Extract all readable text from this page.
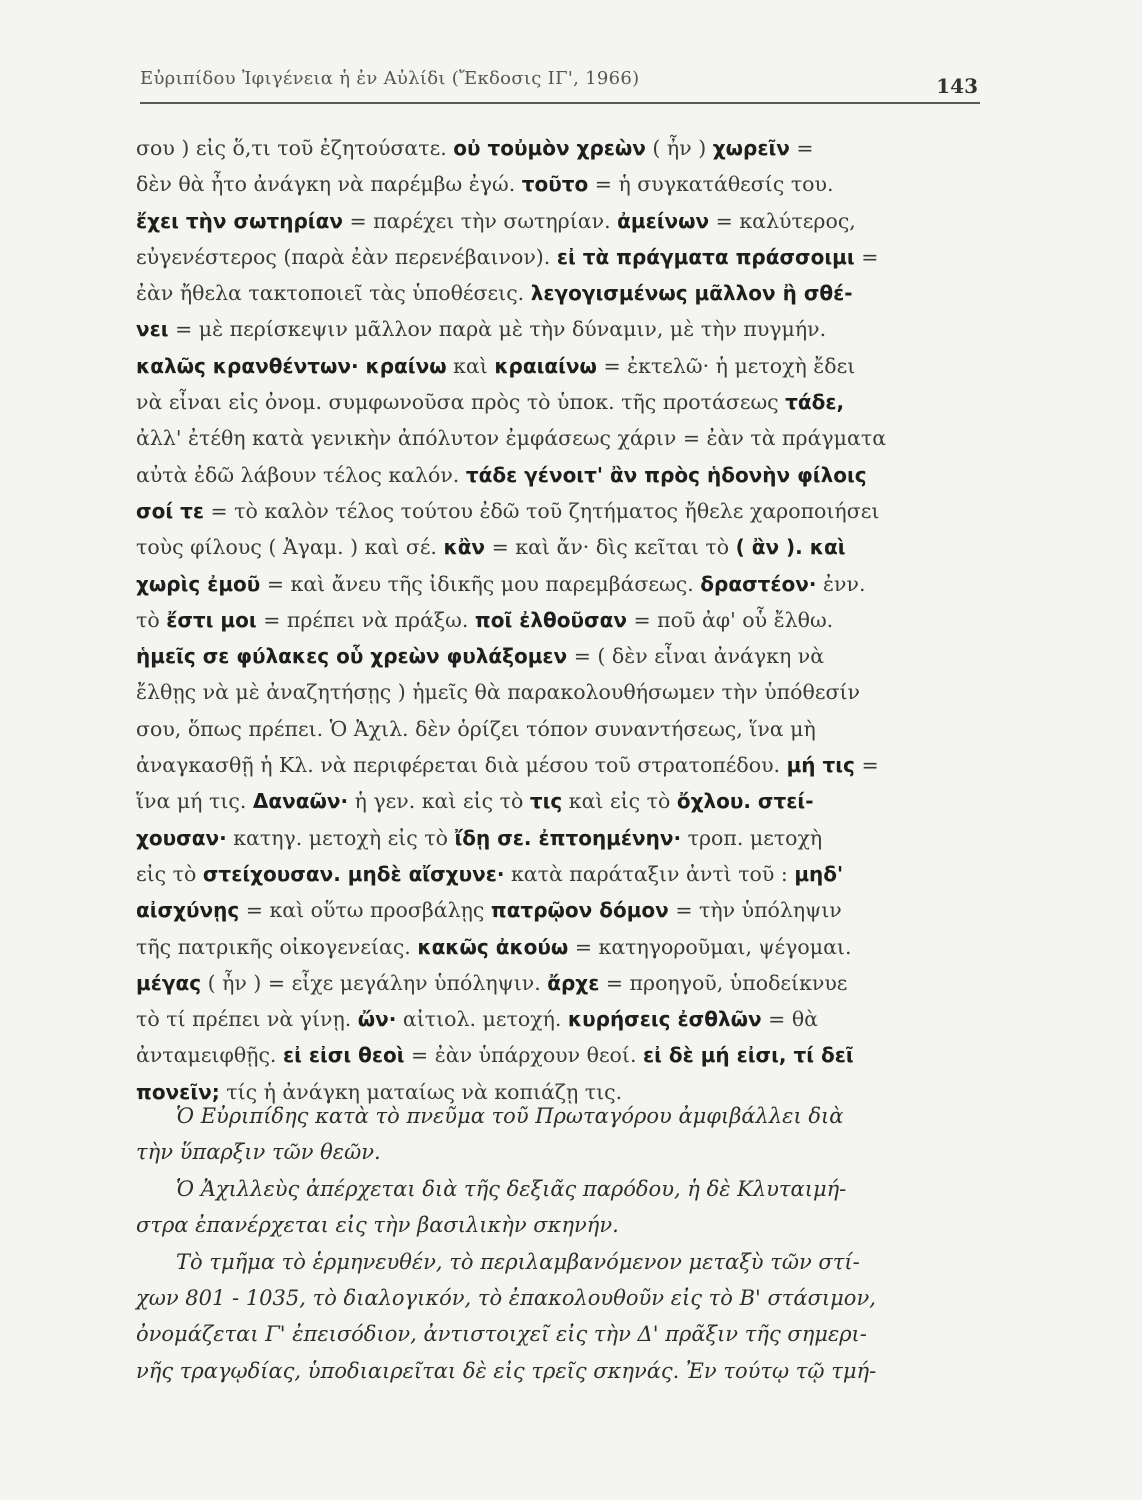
Εὐριπίδου Ἰφιγένεια ἡ ἐν Αὐλίδι (Ἔκδοσις ΙΓ', 1966)	143
σου ) εἰς ὅ,τι τοῦ ἐζητούσατε. οὐ τοὐμὸν χρεὼν ( ἦν ) χωρεῖν =
δὲν θὰ ἦτο ἀνάγκη νὰ παρέμβω ἐγώ. τοῦτο = ἡ συγκατάθεσίς του.
ἔχει τὴν σωτηρίαν = παρέχει τὴν σωτηρίαν. ἀμείνων = καλύτερος,
εὐγενέστερος (παρὰ ἐὰν περενέβαινον). εἰ τὰ πράγματα πράσσοιμι =
ἐὰν ἤθελα τακτοποιεῖ τὰς ὑποθέσεις. λεγογισμένως μᾶλλον ἢ σθέ-
νει = μὲ περίσκεψιν μᾶλλον παρὰ μὲ τὴν δύναμιν, μὲ τὴν πυγμήν.
καλῶς κρανθέντων· κραίνω καὶ κραιαίνω = ἐκτελῶ· ἡ μετοχὴ ἔδει
νὰ εἶναι εἰς ὀνομ. συμφωνοῦσα πρὸς τὸ ὑποκ. τῆς προτάσεως τάδε,
ἀλλ' ἐτέθη κατὰ γενικὴν ἀπόλυτον ἐμφάσεως χάριν = ἐὰν τὰ πράγματα
αὐτὰ ἐδῶ λάβουν τέλος καλόν. τάδε γένοιτ' ἂν πρὸς ἡδονὴν φίλοις
σοί τε = τὸ καλὸν τέλος τούτου ἐδῶ τοῦ ζητήματος ἤθελε χαροποιήσει
τοὺς φίλους ( Ἀγαμ. ) καὶ σέ. κἂν = καὶ ἄν· δὶς κεῖται τὸ ( ἂν ). καὶ
χωρὶς ἐμοῦ = καὶ ἄνευ τῆς ἰδικῆς μου παρεμβάσεως. δραστέον· ἐνν.
τὸ ἔστι μοι = πρέπει νὰ πράξω. ποῖ ἐλθοῦσαν = ποῦ ἀφ' οὗ ἔλθω.
ἡμεῖς σε φύλακες οὗ χρεὼν φυλάξομεν = ( δὲν εἶναι ἀνάγκη νὰ
ἔλθῃς νὰ μὲ ἀναζητήσῃς ) ἡμεῖς θὰ παρακολουθήσωμεν τὴν ὑπόθεσίν
σου, ὅπως πρέπει. Ὁ Ἀχιλ. δὲν ὁρίζει τόπον συναντήσεως, ἵνα μὴ
ἀναγκασθῇ ἡ Κλ. νὰ περιφέρεται διὰ μέσου τοῦ στρατοπέδου. μή τις =
ἵνα μή τις. Δαναῶν· ἡ γεν. καὶ εἰς τὸ τις καὶ εἰς τὸ ὄχλου. στεί-
χουσαν· κατηγ. μετοχὴ εἰς τὸ ἴδῃ σε. ἐπτοημένην· τροπ. μετοχὴ
εἰς τὸ στείχουσαν. μηδὲ αἴσχυνε· κατὰ παράταξιν ἀντὶ τοῦ : μηδ'
αἰσχύνῃς = καὶ οὕτω προσβάλῃς πατρῷον δόμον = τὴν ὑπόληψιν
τῆς πατρικῆς οἰκογενείας. κακῶς ἀκούω = κατηγοροῦμαι, ψέγομαι.
μέγας ( ἦν ) = εἶχε μεγάλην ὑπόληψιν. ἄρχε = προηγοῦ, ὑποδείκνυε
τὸ τί πρέπει νὰ γίνῃ. ὤν· αἰτιολ. μετοχή. κυρήσεις ἐσθλῶν = θὰ
ἀνταμειφθῇς. εἰ εἰσι θεοὶ = ἐὰν ὑπάρχουν θεοί. εἰ δὲ μή εἰσι, τί δεῖ
πονεῖν; τίς ἡ ἀνάγκη ματαίως νὰ κοπιάζῃ τις.
Ὁ Εὐριπίδης κατὰ τὸ πνεῦμα τοῦ Πρωταγόρου ἀμφιβάλλει διὰ
τὴν ὕπαρξιν τῶν θεῶν.
Ὁ Ἀχιλλεὺς ἀπέρχεται διὰ τῆς δεξιᾶς παρόδου, ἡ δὲ Κλυταιμή-
στρα ἐπανέρχεται εἰς τὴν βασιλικὴν σκηνήν.
Τὸ τμῆμα τὸ ἑρμηνευθέν, τὸ περιλαμβανόμενον μεταξὺ τῶν στί-
χων 801 - 1035, τὸ διαλογικόν, τὸ ἐπακολουθοῦν εἰς τὸ Β' στάσιμον,
ὀνομάζεται Γ' ἐπεισόδιον, ἀντιστοιχεῖ εἰς τὴν Δ' πρᾶξιν τῆς σημερι-
νῆς τραγῳδίας, ὑποδιαιρεῖται δὲ εἰς τρεῖς σκηνάς. Ἐν τούτῳ τῷ τμή-
